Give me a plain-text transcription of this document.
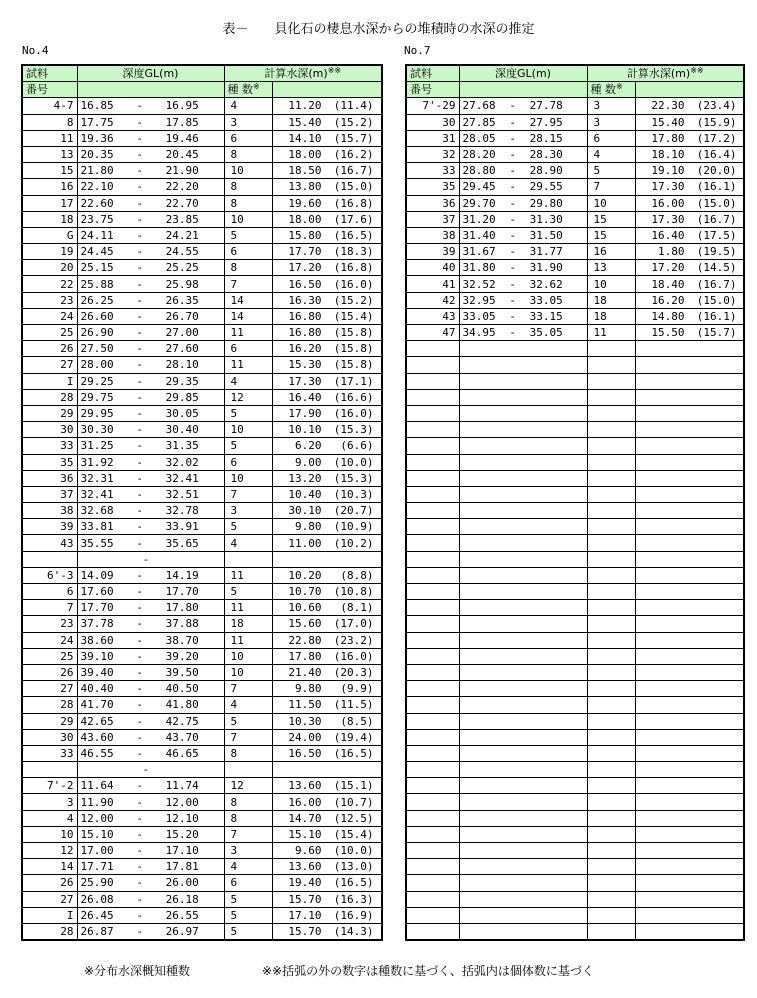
表－　　貝化石の棲息水深からの堆積時の水深の推定
No.4	No.7
試料	深度GL(m)	計算水深(m)※※
番号		種 数※	
4-7	16.85 - 16.95	4	11.20 (11.4)
8	17.75 - 17.85	3	15.40 (15.2)
11	19.36 - 19.46	6	14.10 (15.7)
13	20.35 - 20.45	8	18.00 (16.2)
15	21.80 - 21.90	10	18.50 (16.7)
16	22.10 - 22.20	8	13.80 (15.0)
17	22.60 - 22.70	8	19.60 (16.8)
18	23.75 - 23.85	10	18.00 (17.6)
G	24.11 - 24.21	5	15.80 (16.5)
19	24.45 - 24.55	6	17.70 (18.3)
20	25.15 - 25.25	8	17.20 (16.8)
22	25.88 - 25.98	7	16.50 (16.0)
23	26.25 - 26.35	14	16.30 (15.2)
24	26.60 - 26.70	14	16.80 (15.4)
25	26.90 - 27.00	11	16.80 (15.8)
26	27.50 - 27.60	6	16.20 (15.8)
27	28.00 - 28.10	11	15.30 (15.8)
I	29.25 - 29.35	4	17.30 (17.1)
28	29.75 - 29.85	12	16.40 (16.6)
29	29.95 - 30.05	5	17.90 (16.0)
30	30.30 - 30.40	10	10.10 (15.3)
33	31.25 - 31.35	5	6.20 (6.6)
35	31.92 - 32.02	6	9.00 (10.0)
36	32.31 - 32.41	10	13.20 (15.3)
37	32.41 - 32.51	7	10.40 (10.3)
38	32.68 - 32.78	3	30.10 (20.7)
39	33.81 - 33.91	5	9.80 (10.9)
43	35.55 - 35.65	4	11.00 (10.2)
	-		
6'-3	14.09 - 14.19	11	10.20 (8.8)
6	17.60 - 17.70	5	10.70 (10.8)
7	17.70 - 17.80	11	10.60 (8.1)
23	37.78 - 37.88	18	15.60 (17.0)
24	38.60 - 38.70	11	22.80 (23.2)
25	39.10 - 39.20	10	17.80 (16.0)
26	39.40 - 39.50	10	21.40 (20.3)
27	40.40 - 40.50	7	9.80 (9.9)
28	41.70 - 41.80	4	11.50 (11.5)
29	42.65 - 42.75	5	10.30 (8.5)
30	43.60 - 43.70	7	24.00 (19.4)
33	46.55 - 46.65	8	16.50 (16.5)
	-		
7'-2	11.64 - 11.74	12	13.60 (15.1)
3	11.90 - 12.00	8	16.00 (10.7)
4	12.00 - 12.10	8	14.70 (12.5)
10	15.10 - 15.20	7	15.10 (15.4)
12	17.00 - 17.10	3	9.60 (10.0)
14	17.71 - 17.81	4	13.60 (13.0)
26	25.90 - 26.00	6	19.40 (16.5)
27	26.08 - 26.18	5	15.70 (16.3)
I	26.45 - 26.55	5	17.10 (16.9)
28	26.87 - 26.97	5	15.70 (14.3)
試料	深度GL(m)	計算水深(m)※※
番号		種 数※	
7'-29	27.68 - 27.78	3	22.30 (23.4)
30	27.85 - 27.95	3	15.40 (15.9)
31	28.05 - 28.15	6	17.80 (17.2)
32	28.20 - 28.30	4	18.10 (16.4)
33	28.80 - 28.90	5	19.10 (20.0)
35	29.45 - 29.55	7	17.30 (16.1)
36	29.70 - 29.80	10	16.00 (15.0)
37	31.20 - 31.30	15	17.30 (16.7)
38	31.40 - 31.50	15	16.40 (17.5)
39	31.67 - 31.77	16	1.80 (19.5)
40	31.80 - 31.90	13	17.20 (14.5)
41	32.52 - 32.62	10	18.40 (16.7)
42	32.95 - 33.05	18	16.20 (15.0)
43	33.05 - 33.15	18	14.80 (16.1)
47	34.95 - 35.05	11	15.50 (15.7)

※分布水深概知種数	※※括弧の外の数字は種数に基づく、括弧内は個体数に基づく
